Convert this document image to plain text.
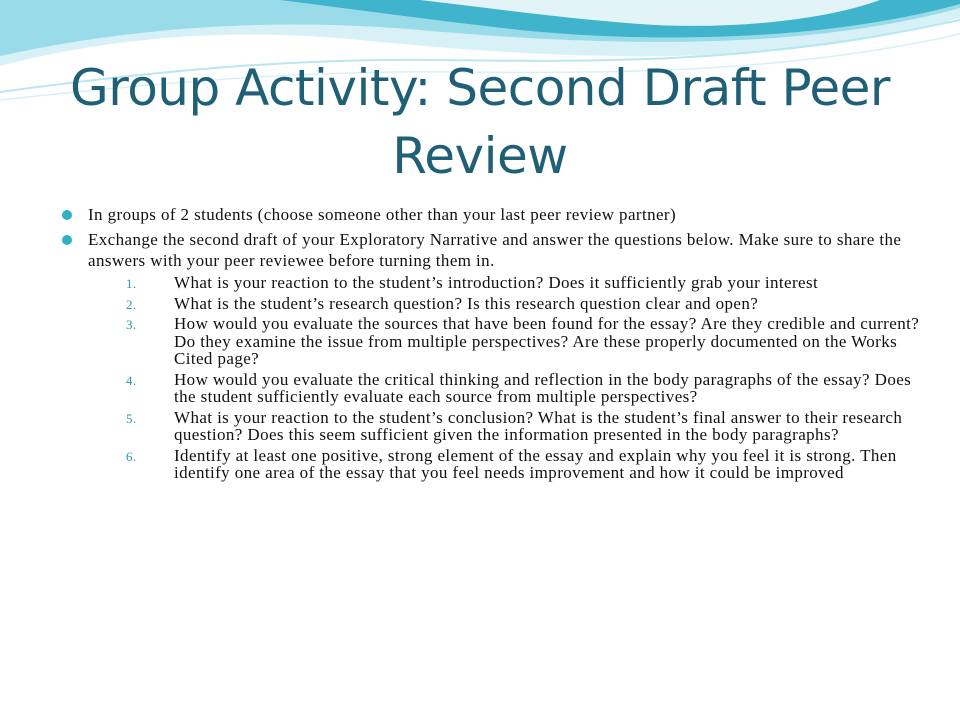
Group Activity: Second Draft Peer Review
In groups of 2 students (choose someone other than your last peer review partner)
Exchange the second draft of your Exploratory Narrative and answer the questions below. Make sure to share the answers with your peer reviewee before turning them in.
1. What is your reaction to the student’s introduction? Does it sufficiently grab your interest
2. What is the student’s research question? Is this research question clear and open?
3. How would you evaluate the sources that have been found for the essay? Are they credible and current? Do they examine the issue from multiple perspectives? Are these properly documented on the Works Cited page?
4. How would you evaluate the critical thinking and reflection in the body paragraphs of the essay? Does the student sufficiently evaluate each source from multiple perspectives?
5. What is your reaction to the student’s conclusion? What is the student’s final answer to their research question? Does this seem sufficient given the information presented in the body paragraphs?
6. Identify at least one positive, strong element of the essay and explain why you feel it is strong. Then identify one area of the essay that you feel needs improvement and how it could be improved
